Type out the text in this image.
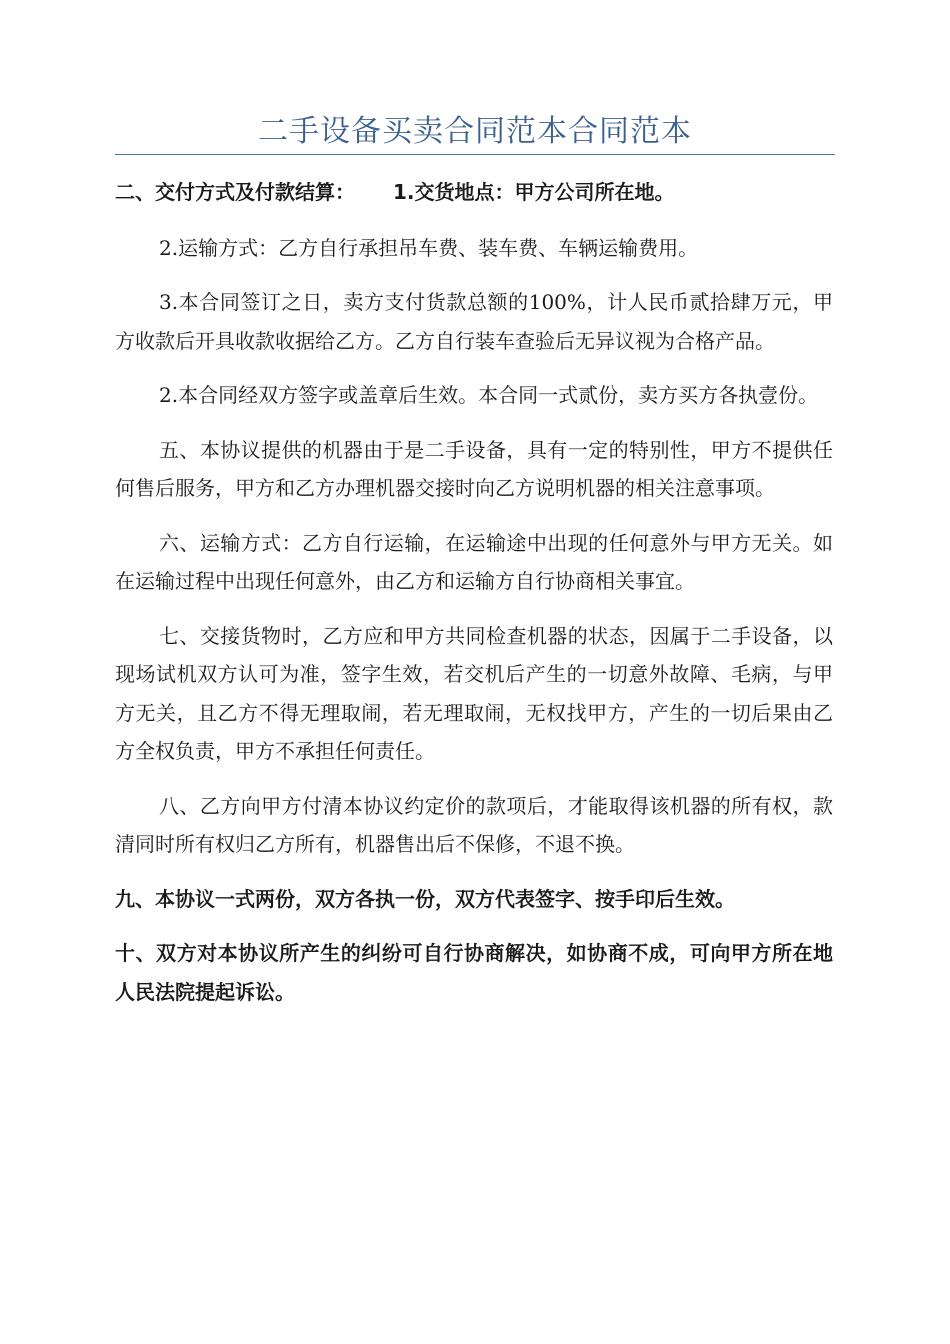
二手设备买卖合同范本合同范本

二、交付方式及付款结算： 1.交货地点：甲方公司所在地。

2.运输方式：乙方自行承担吊车费、装车费、车辆运输费用。

3.本合同签订之日，卖方支付货款总额的100%，计人民币贰拾肆万元，甲方收款后开具收款收据给乙方。乙方自行装车查验后无异议视为合格产品。

2.本合同经双方签字或盖章后生效。本合同一式贰份，卖方买方各执壹份。

五、本协议提供的机器由于是二手设备，具有一定的特别性，甲方不提供任何售后服务，甲方和乙方办理机器交接时向乙方说明机器的相关注意事项。

六、运输方式：乙方自行运输，在运输途中出现的任何意外与甲方无关。如在运输过程中出现任何意外，由乙方和运输方自行协商相关事宜。

七、交接货物时，乙方应和甲方共同检查机器的状态，因属于二手设备，以现场试机双方认可为准，签字生效，若交机后产生的一切意外故障、毛病，与甲方无关，且乙方不得无理取闹，若无理取闹，无权找甲方，产生的一切后果由乙方全权负责，甲方不承担任何责任。

八、乙方向甲方付清本协议约定价的款项后，才能取得该机器的所有权，款清同时所有权归乙方所有，机器售出后不保修，不退不换。

九、本协议一式两份，双方各执一份，双方代表签字、按手印后生效。

十、双方对本协议所产生的纠纷可自行协商解决，如协商不成，可向甲方所在地人民法院提起诉讼。
